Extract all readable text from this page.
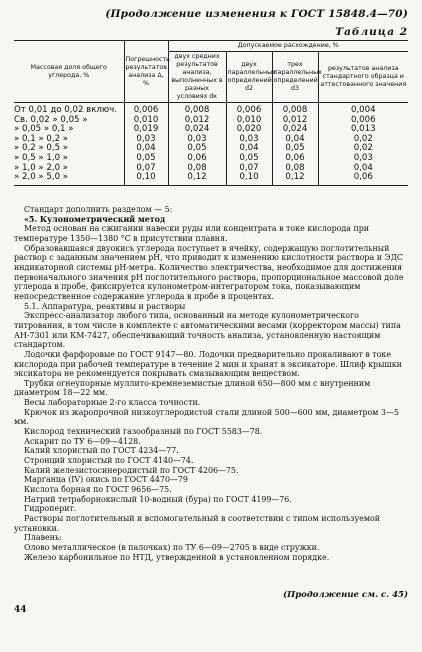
(Продолжение изменения к ГОСТ 15848.4—70)
Таблица 2
Массовая доля общего углерода, %	Погрешность результатов анализа Δ, %	Допускаемое расхождение, %			
		двух средних результатов анализа, выполненных в разных условиях dк	двух параллельных определений d2	трех параллельных определений d3	результатов анализа стандартного образца и аттестованного значения
От 0,01 до 0,02 включ.	0,006	0,008	0,006	0,008	0,004
Св. 0,02 » 0,05 »	0,010	0,012	0,010	0,012	0,006
» 0,05 » 0,1 »	0,019	0,024	0,020	0,024	0,013
» 0,1 » 0,2 »	0,03	0,03	0,03	0,04	0,02
» 0,2 » 0,5 »	0,04	0,05	0,04	0,05	0,02
» 0,5 » 1,0 »	0,05	0,06	0,05	0,06	0,03
» 1,0 » 2,0 »	0,07	0,08	0,07	0,08	0,04
» 2,0 » 5,0 »	0,10	0,12	0,10	0,12	0,06

Стандарт дополнить разделом — 5:

«5. Кулонометрический метод

Метод основан на сжигании навески руды или концентрата в токе кислорода при температуре 1350—1380 °С в присутствии плавня.

Образовавшаяся двуокись углерода поступает в ячейку, содержащую поглотительный раствор с заданным значением pH, что приводит к изменению кислотности раствора и ЭДС индикаторной системы pH-метра. Количество электричества, необходимое для достижения первоначального значения pH поглотительного раствора, пропорциональное массовой доле углерода в пробе, фиксируется кулонометром-интегратором тока, показывающим непосредственное содержание углерода в пробе в процентах.

5.1. Аппаратура, реактивы и растворы

Экспресс-анализатор любого типа, основанный на методе кулонометрического титрования, в том числе в комплекте с автоматическими весами (корректором массы) типа АН-7301 или КМ-7427, обеспечивающий точность анализа, установленную настоящим стандартом.

Лодочки фарфоровые по ГОСТ 9147—80. Лодочки предварительно прокаливают в токе кислорода при рабочей температуре в течение 2 мин и хранят в эксикаторе. Шлиф крышки эксикатора не рекомендуется покрывать смазывающим веществом.

Трубки огнеупорные муллито-кремнеземистые длиной 650—800 мм с внутренним диаметром 18—22 мм.

Весы лабораторные 2-го класса точности.

Крючок из жаропрочной низкоуглеродистой стали длиной 500—600 мм, диаметром 3—5 мм.

Кислород технический газообразный по ГОСТ 5583—78.

Аскарит по ТУ 6—09—4128.

Калий хлористый по ГОСТ 4234—77.

Стронций хлористый по ГОСТ 4140—74.

Калий железистосинеродистый по ГОСТ 4206—75.

Марганца (IV) окись по ГОСТ 4470—79

Кислота борная по ГОСТ 9656—75.

Натрий тетраборнокислый 10-водный (бура) по ГОСТ 4199—76.

Гидроперит.

Растворы поглотительный и вспомогательный в соответствии с типом используемой установки.

Плавень:

Олово металлическое (в палочках) по ТУ 6—09—2705 в виде стружки.

Железо карбонильное по НТД, утвержденной в установленном порядке.

(Продолжение см. с. 45)
44
